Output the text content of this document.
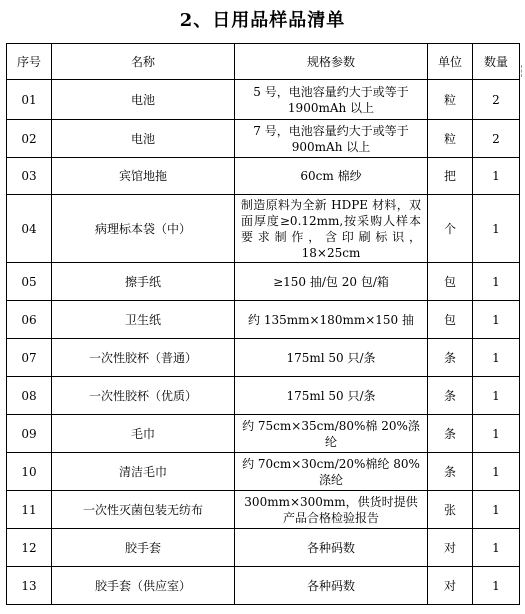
2、日用品样品清单
序号	名称	规格参数	单位	数量
01	电池	5 号，电池容量约大于或等于 1900mAh 以上	粒	2
02	电池	7 号，电池容量约大于或等于 900mAh 以上	粒	2
03	宾馆地拖	60cm 棉纱	把	1
04	病理标本袋（中）	制造原料为全新 HDPE 材料，双面厚度≥0.12mm,按采购人样本要求制作，含印刷标识，18×25cm	个	1
05	擦手纸	≥150 抽/包 20 包/箱	包	1
06	卫生纸	约 135mm×180mm×150 抽	包	1
07	一次性胶杯（普通）	175ml 50 只/条	条	1
08	一次性胶杯（优质）	175ml 50 只/条	条	1
09	毛巾	约 75cm×35cm/80%棉 20%涤纶	条	1
10	清洁毛巾	约 70cm×30cm/20%棉纶 80%涤纶	条	1
11	一次性灭菌包装无纺布	300mm×300mm，供货时提供产品合格检验报告	张	1
12	胶手套	各种码数	对	1
13	胶手套（供应室）	各种码数	对	1
